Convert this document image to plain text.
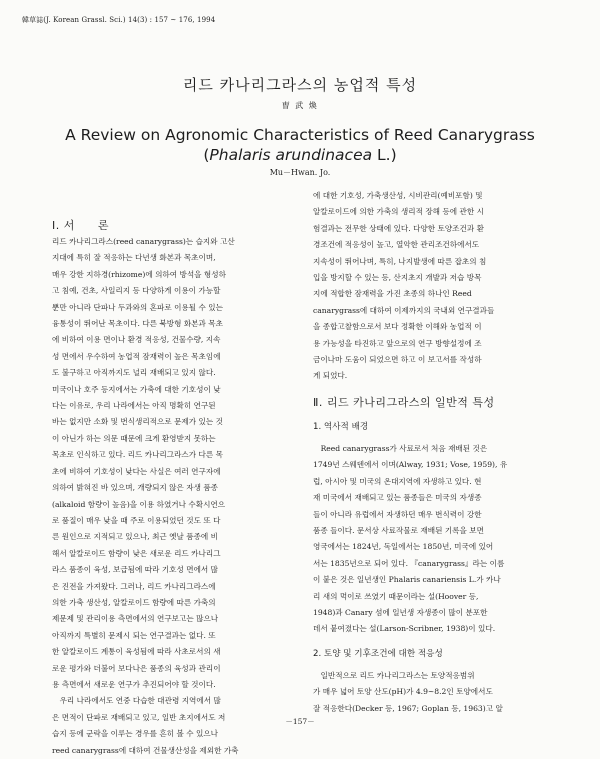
韓草誌(J. Korean Grassl. Sci.) 14(3) : 157 ~ 176, 1994
리드 카나리그라스의 농업적 특성
曺 武 煥
A Review on Agronomic Characteristics of Reed Canarygrass
(Phalaris arundinacea L.)
Mu－Hwan. Jo.

Ⅰ. 서　　론

리드 카나리그라스(reed canarygrass)는 습지와 고산

지대에 특히 잘 적응하는 다년생 화본과 목초이며,

매우 강한 지하경(rhizome)에 의하여 방석을 형성하

고 침예, 건초, 사일리지 등 다양하게 이용이 가능할

뿐만 아니라 단파나 두과와의 혼파로 이용될 수 있는

융통성이 뛰어난 목초이다. 다른 북방형 화본과 목초

에 비하여 이용 면이나 환경 적응성, 건물수량, 지속

성 면에서 우수하여 농업적 잠재력이 높은 목초임에

도 불구하고 아직까지도 널리 재배되고 있지 않다.

미국이나 호주 등지에서는 가축에 대한 기호성이 낮

다는 이유로, 우리 나라에서는 아직 명확히 연구된

바는 없지만 소화 및 번식생리적으로 문제가 있는 것

이 아닌가 하는 의문 때문에 크게 환영받지 못하는

목초로 인식하고 있다. 리드 카나리그라스가 다른 목

초에 비하여 기호성이 낮다는 사실은 여러 연구자에

의하여 밝혀진 바 있으며, 개량되지 않은 자생 품종

(alkaloid 함량이 높음)을 이용 하였거나 수확시연으

로 품질이 매우 낮을 때 주로 이용되었던 것도 또 다

른 원인으로 지적되고 있으나, 최근 옛날 품종에 비

해서 알칼로이드 함량이 낮은 새로운 리드 카나리그

라스 품종이 육성, 보급됨에 따라 기호성 면에서 많

은 진전을 가져왔다. 그러나, 리드 카나리그라스에

의한 가축 생산성, 알칼로이드 함량에 따른 가축의

제문제 및 관리이용 측면에서의 연구보고는 많으나

아직까지 특별히 문제시 되는 연구결과는 없다. 또

한 알칼로이드 계통이 육성됨에 따라 사초로서의 새

로운 평가와 더불어 보다나은 품종의 육성과 관리이

용 측면에서 새로운 연구가 추진되어야 할 것이다.

　우리 나라에서도 연중 다습한 대관령 지역에서 많

은 면적이 단파로 재배되고 있고, 일반 초지에서도 저

습지 등에 군락을 이루는 경우를 흔히 볼 수 있으나

reed canarygrass에 대하여 건물생산성을 제외한 가축

에 대한 기호성, 가축생산성, 시비관리(예비포함) 및

알칼로이드에 의한 가축의 생리적 장해 등에 관한 시

험결과는 전무한 상태에 있다. 다양한 토양조건과 환

경조건에 적응성이 높고, 열악한 관리조건하에서도

지속성이 뛰어나며, 특히, 나지발생에 따른 잡초의 침

입을 방지할 수 있는 등, 산지초지 개발과 저습 방목

지에 적합한 잠재력을 가진 초종의 하나인 Reed

canarygrass에 대하여 이제까지의 국내외 연구결과들

을 종합고찰함으로서 보다 정확한 이해와 농업적 이

용 가능성을 타진하고 앞으로의 연구 방향설정에 조

금이나마 도움이 되었으면 하고 이 보고서를 작성하

게 되었다.

Ⅱ. 리드 카나리그라스의 일반적 특성

1. 역사적 배경

　Reed canarygrass가 사료로서 처음 재배된 것은

1749년 스웨덴에서 이며(Alway, 1931; Vose, 1959), 유

럽, 아시아 및 미국의 온대지역에 자생하고 있다. 현

재 미국에서 재배되고 있는 품종들은 미국의 자생종

들이 아니라 유럽에서 자생하던 매우 번식력이 강한

품종 들이다. 문서상 사료작물로 재배된 기록을 보면

영국에서는 1824년, 독일에서는 1850년, 미국에 있어

서는 1835년으로 되어 있다. 『canarygrass』라는 이름

이 붙은 것은 일년생인 Phalaris canariensis L.가 카나

리 새의 먹이로 쓰였기 때문이라는 설(Hoover 등,

1948)과 Canary 섬에 일년생 자생종이 많이 분포한

데서 붙여졌다는 설(Larson-Scribner, 1938)이 있다.

2. 토양 및 기후조건에 대한 적응성

　일반적으로 리드 카나리그라스는 토양적응범위

가 매우 넓어 토양 산도(pH)가 4.9~8.2인 토양에서도

잘 적응한다(Decker 등, 1967; Goplan 등, 1963)고 알

－157－
